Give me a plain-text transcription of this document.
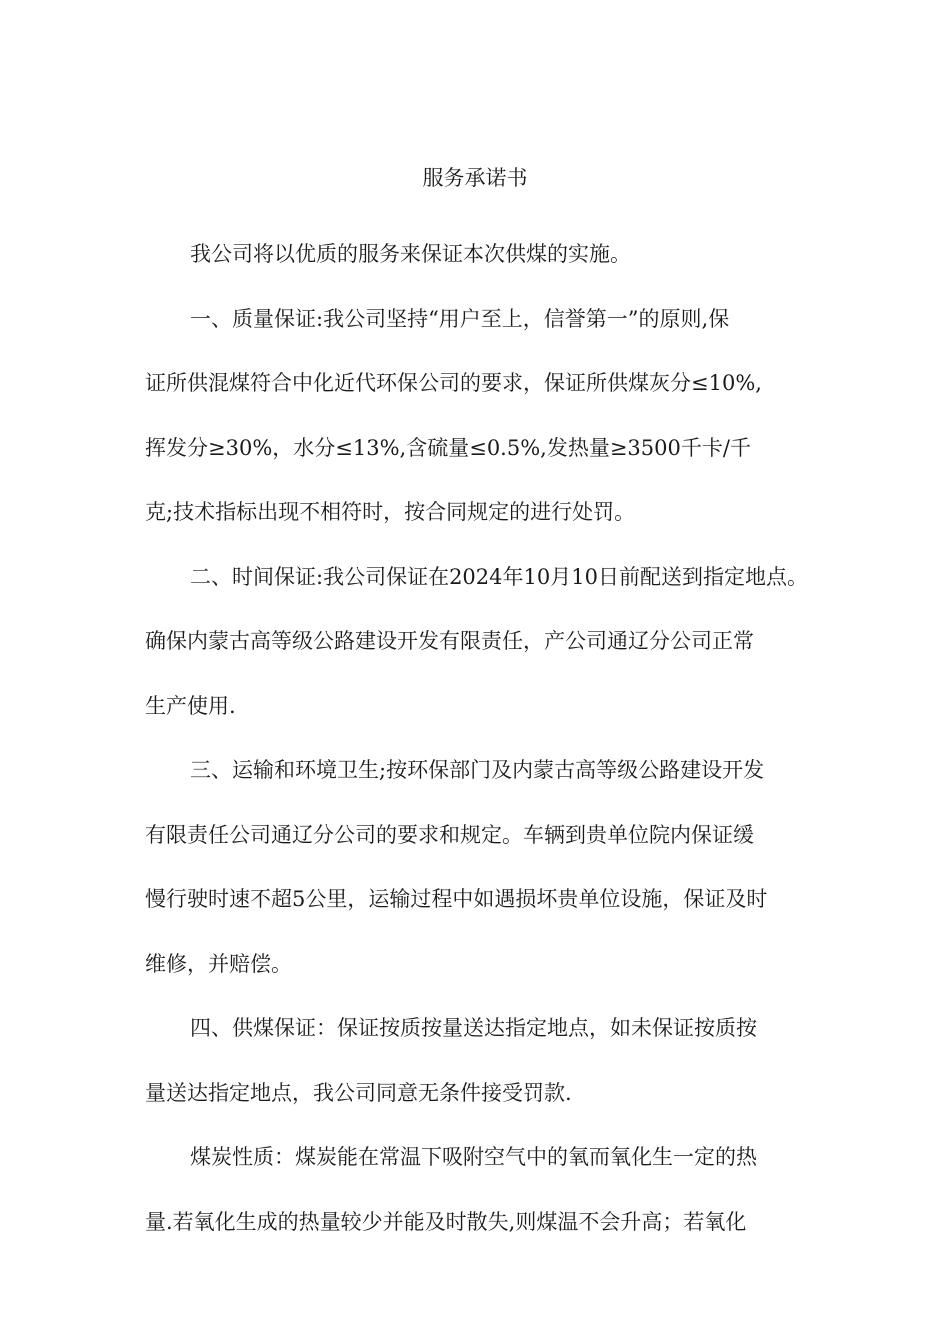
服务承诺书
我公司将以优质的服务来保证本次供煤的实施。
一、质量保证:我公司坚持“用户至上，信誉第一”的原则,保
证所供混煤符合中化近代环保公司的要求，保证所供煤灰分≤10%,
挥发分≥30%，水分≤13%,含硫量≤0.5%,发热量≥3500千卡/千
克;技术指标出现不相符时，按合同规定的进行处罚。
二、时间保证:我公司保证在2024年10月10日前配送到指定地点。
确保内蒙古高等级公路建设开发有限责任，产公司通辽分公司正常
生产使用.
三、运输和环境卫生;按环保部门及内蒙古高等级公路建设开发
有限责任公司通辽分公司的要求和规定。车辆到贵单位院内保证缓
慢行驶时速不超5公里，运输过程中如遇损坏贵单位设施，保证及时
维修，并赔偿。
四、供煤保证：保证按质按量送达指定地点，如未保证按质按
量送达指定地点，我公司同意无条件接受罚款.
煤炭性质：煤炭能在常温下吸附空气中的氧而氧化生一定的热
量.若氧化生成的热量较少并能及时散失,则煤温不会升高；若氧化
